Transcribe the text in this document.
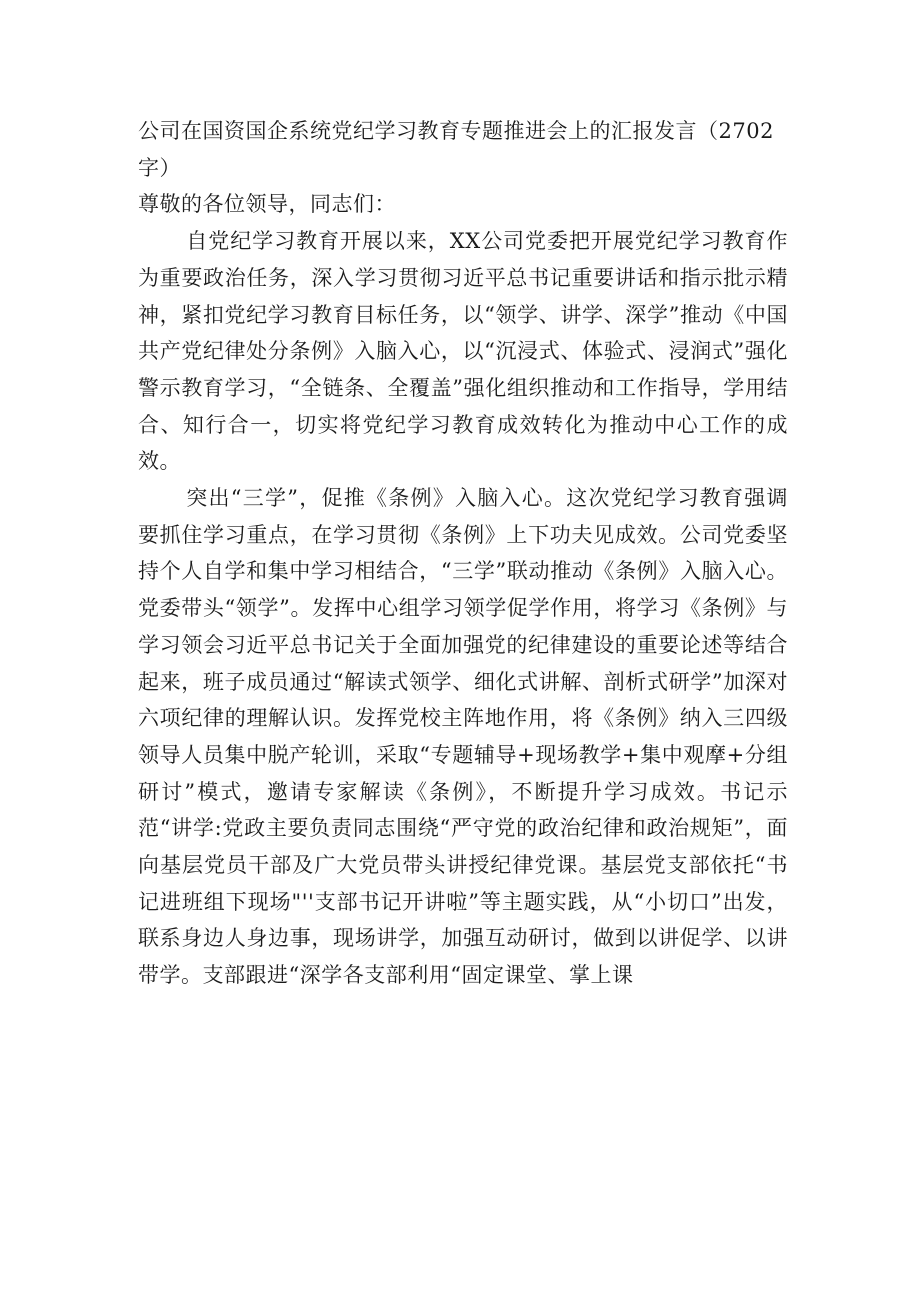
公司在国资国企系统党纪学习教育专题推进会上的汇报发言（2702字）

尊敬的各位领导，同志们：

自党纪学习教育开展以来，XX公司党委把开展党纪学习教育作为重要政治任务，深入学习贯彻习近平总书记重要讲话和指示批示精神，紧扣党纪学习教育目标任务，以“领学、讲学、深学”推动《中国共产党纪律处分条例》入脑入心，以“沉浸式、体验式、浸润式”强化警示教育学习，“全链条、全覆盖”强化组织推动和工作指导，学用结合、知行合一，切实将党纪学习教育成效转化为推动中心工作的成效。

突出“三学”，促推《条例》入脑入心。这次党纪学习教育强调要抓住学习重点，在学习贯彻《条例》上下功夫见成效。公司党委坚持个人自学和集中学习相结合，“三学”联动推动《条例》入脑入心。党委带头“领学”。发挥中心组学习领学促学作用，将学习《条例》与学习领会习近平总书记关于全面加强党的纪律建设的重要论述等结合起来，班子成员通过“解读式领学、细化式讲解、剖析式研学”加深对六项纪律的理解认识。发挥党校主阵地作用，将《条例》纳入三四级领导人员集中脱产轮训，采取“专题辅导+现场教学+集中观摩+分组研讨”模式，邀请专家解读《条例》，不断提升学习成效。书记示范“讲学:党政主要负责同志围绕“严守党的政治纪律和政治规矩”，面向基层党员干部及广大党员带头讲授纪律党课。基层党支部依托“书记进班组下现场"''支部书记开讲啦”等主题实践，从“小切口”出发，联系身边人身边事，现场讲学，加强互动研讨，做到以讲促学、以讲带学。支部跟进“深学各支部利用“固定课堂、掌上课
